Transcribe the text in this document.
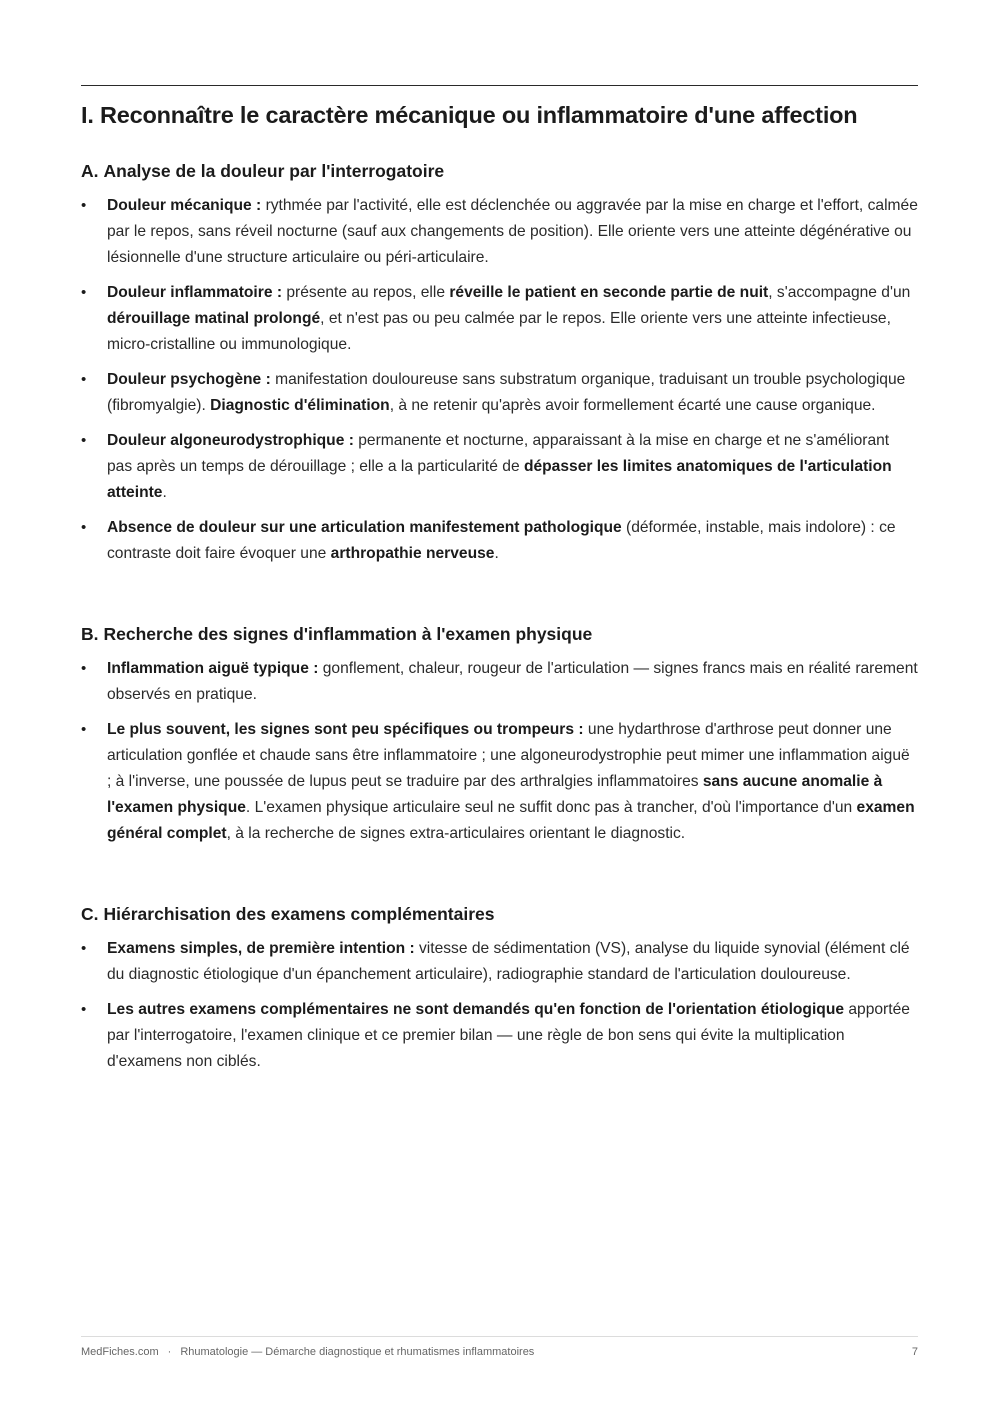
I. Reconnaître le caractère mécanique ou inflammatoire d'une affection
A. Analyse de la douleur par l'interrogatoire
• Douleur mécanique : rythmée par l'activité, elle est déclenchée ou aggravée par la mise en charge et l'effort, calmée par le repos, sans réveil nocturne (sauf aux changements de position). Elle oriente vers une atteinte dégénérative ou lésionnelle d'une structure articulaire ou péri-articulaire.
• Douleur inflammatoire : présente au repos, elle réveille le patient en seconde partie de nuit, s'accompagne d'un dérouillage matinal prolongé, et n'est pas ou peu calmée par le repos. Elle oriente vers une atteinte infectieuse, micro-cristalline ou immunologique.
• Douleur psychogène : manifestation douloureuse sans substratum organique, traduisant un trouble psychologique (fibromyalgie). Diagnostic d'élimination, à ne retenir qu'après avoir formellement écarté une cause organique.
• Douleur algoneurodystrophique : permanente et nocturne, apparaissant à la mise en charge et ne s'améliorant pas après un temps de dérouillage ; elle a la particularité de dépasser les limites anatomiques de l'articulation atteinte.
• Absence de douleur sur une articulation manifestement pathologique (déformée, instable, mais indolore) : ce contraste doit faire évoquer une arthropathie nerveuse.
B. Recherche des signes d'inflammation à l'examen physique
• Inflammation aiguë typique : gonflement, chaleur, rougeur de l'articulation — signes francs mais en réalité rarement observés en pratique.
• Le plus souvent, les signes sont peu spécifiques ou trompeurs : une hydarthrose d'arthrose peut donner une articulation gonflée et chaude sans être inflammatoire ; une algoneurodystrophie peut mimer une inflammation aiguë ; à l'inverse, une poussée de lupus peut se traduire par des arthralgies inflammatoires sans aucune anomalie à l'examen physique. L'examen physique articulaire seul ne suffit donc pas à trancher, d'où l'importance d'un examen général complet, à la recherche de signes extra-articulaires orientant le diagnostic.
C. Hiérarchisation des examens complémentaires
• Examens simples, de première intention : vitesse de sédimentation (VS), analyse du liquide synovial (élément clé du diagnostic étiologique d'un épanchement articulaire), radiographie standard de l'articulation douloureuse.
• Les autres examens complémentaires ne sont demandés qu'en fonction de l'orientation étiologique apportée par l'interrogatoire, l'examen clinique et ce premier bilan — une règle de bon sens qui évite la multiplication d'examens non ciblés.
MedFiches.com · Rhumatologie — Démarche diagnostique et rhumatismes inflammatoires	7
